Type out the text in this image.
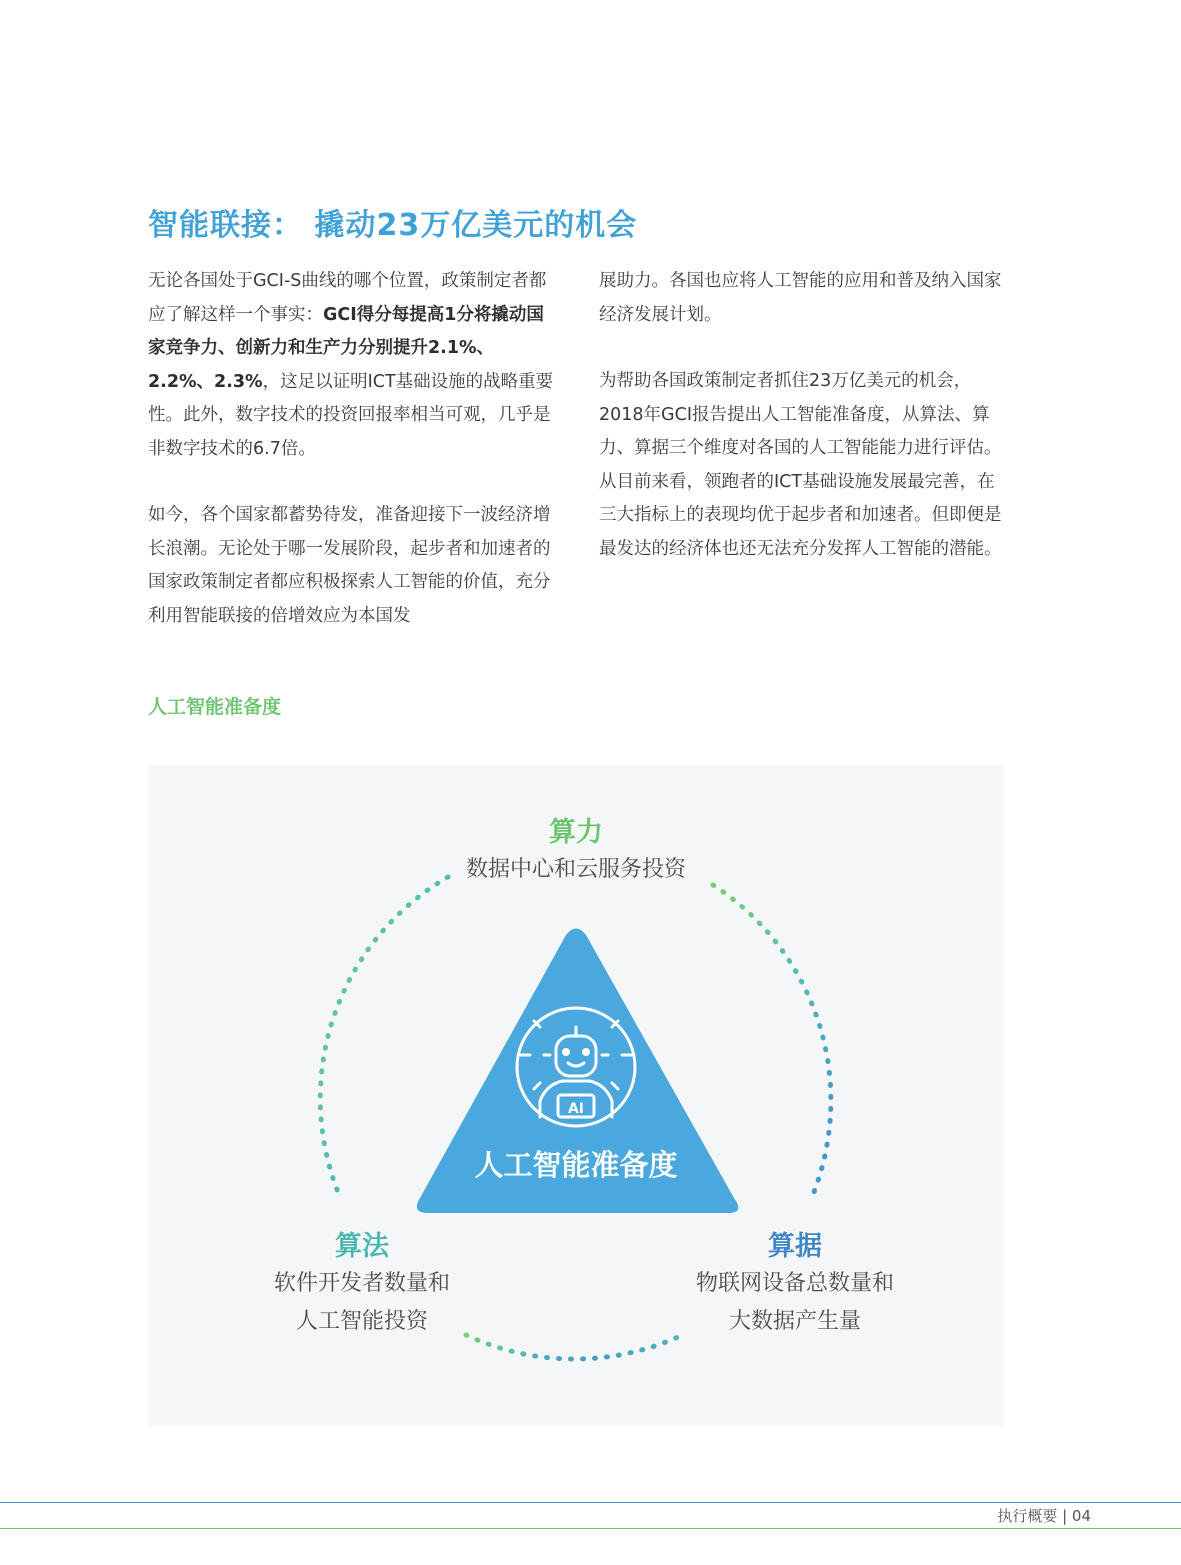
智能联接： 撬动23万亿美元的机会

无论各国处于GCI-S曲线的哪个位置，政策制定者都应了解这样一个事实：GCI得分每提高1分将撬动国家竞争力、创新力和生产力分别提升2.1%、2.2%、2.3%，这足以证明ICT基础设施的战略重要性。此外，数字技术的投资回报率相当可观，几乎是非数字技术的6.7倍。

如今，各个国家都蓄势待发，准备迎接下一波经济增长浪潮。无论处于哪一发展阶段，起步者和加速者的国家政策制定者都应积极探索人工智能的价值，充分利用智能联接的倍增效应为本国发

展助力。各国也应将人工智能的应用和普及纳入国家经济发展计划。

为帮助各国政策制定者抓住23万亿美元的机会，2018年GCI报告提出人工智能准备度，从算法、算力、算据三个维度对各国的人工智能能力进行评估。从目前来看，领跑者的ICT基础设施发展最完善，在三大指标上的表现均优于起步者和加速者。但即便是最发达的经济体也还无法充分发挥人工智能的潜能。

人工智能准备度
AI
人工智能准备度
算力
数据中心和云服务投资
算法
软件开发者数量和
人工智能投资
算据
物联网设备总数量和
大数据产生量
执行概要 | 04
